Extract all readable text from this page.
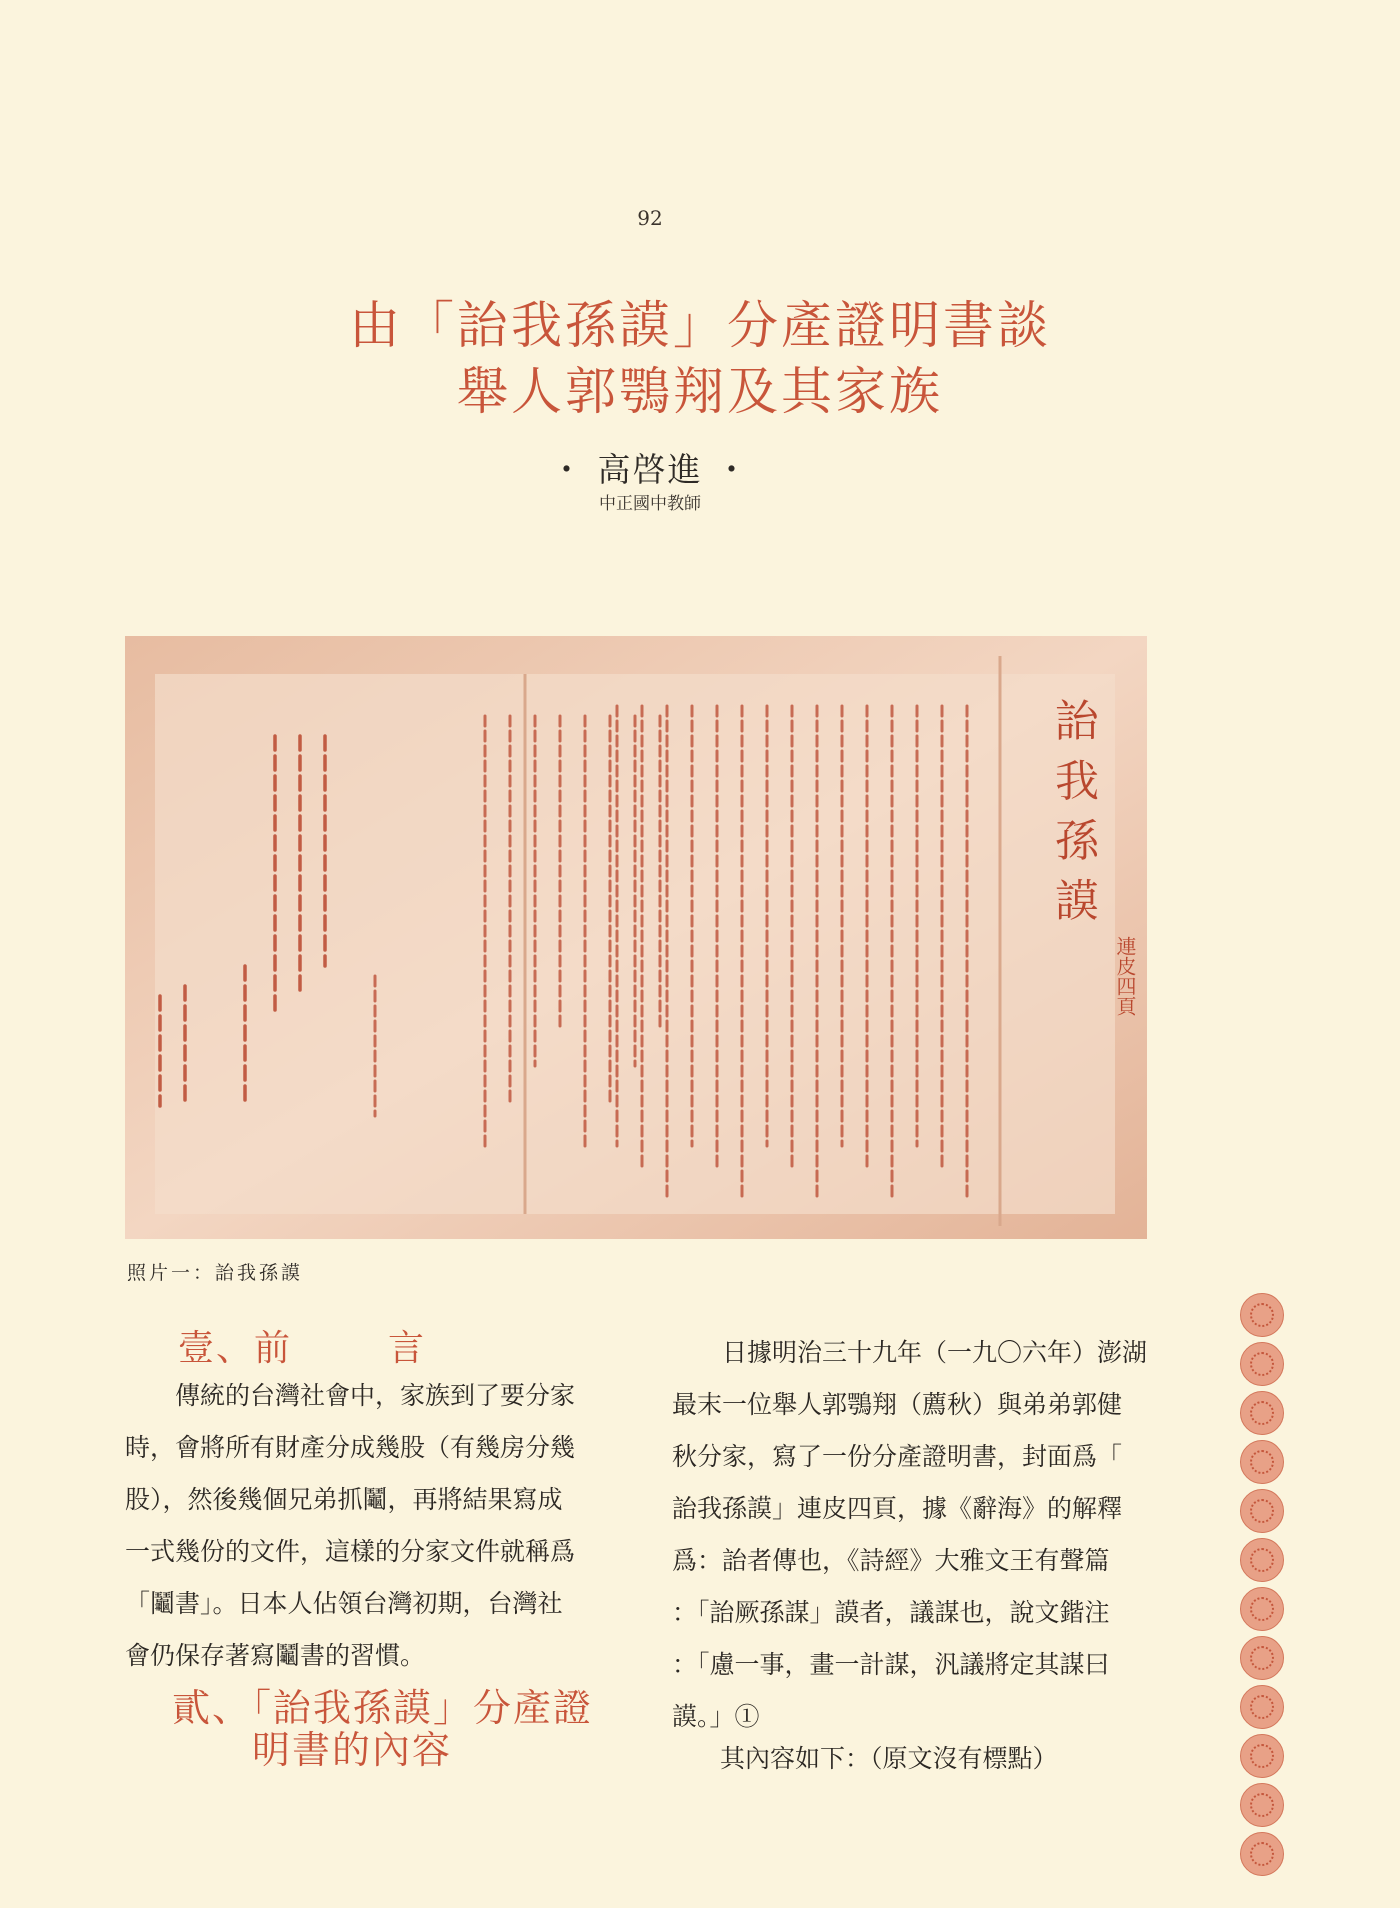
92
由「詒我孫謨」分產證明書談
舉人郭鶚翔及其家族
・ 高啓進 ・
中正國中教師
詒
我
孫
謨
連皮四頁
照片一：詒我孫謨
壹、前	言
　　傳統的台灣社會中，家族到了要分家
時，會將所有財產分成幾股（有幾房分幾
股），然後幾個兄弟抓鬮，再將結果寫成
一式幾份的文件，這樣的分家文件就稱爲
「鬮書」。日本人佔領台灣初期，台灣社
會仍保存著寫鬮書的習慣。
貳、「詒我孫謨」分產證
明書的內容
　　日據明治三十九年（一九〇六年）澎湖
最末一位舉人郭鶚翔（薦秋）與弟弟郭健
秋分家，寫了一份分產證明書，封面爲「
詒我孫謨」連皮四頁，據《辭海》的解釋
爲：詒者傳也，《詩經》大雅文王有聲篇
：「詒厥孫謀」謨者，議謀也，說文鍇注
：「慮一事，畫一計謀，汎議將定其謀曰
謨。」①
其內容如下：（原文沒有標點）
